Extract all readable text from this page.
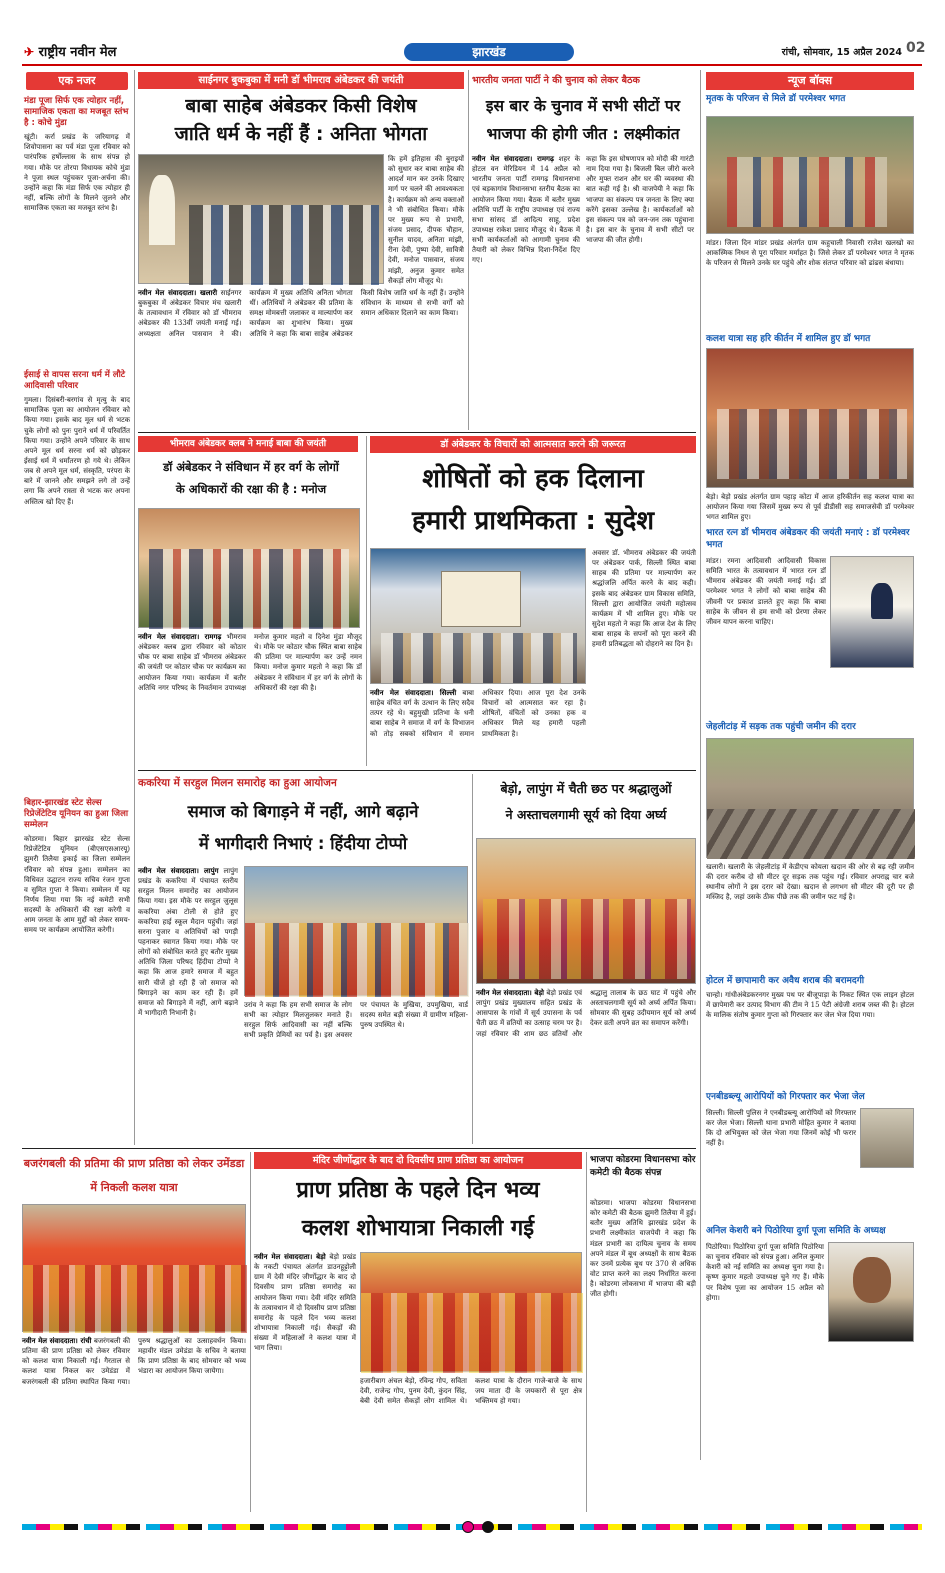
✈ राष्ट्रीय नवीन मेल	झारखंड	रांची, सोमवार, 15 अप्रैल 2024 02
एक नजर
मंडा पूजा सिर्फ एक त्योहार नहीं, सामाजिक एकता का मजबूत स्तंभ है : कोचे मुंडा
खूंटी। कर्रा प्रखंड के जरियागढ़ में शिवोपासना का पर्व मंडा पूजा रविवार को पारंपरिक हर्षोल्लास के साथ संपन्न हो गया। मौके पर तोरपा विधायक कोचे मुंडा ने पूजा स्थल पहुंचकर पूजा-अर्चना की। उन्होंने कहा कि मंडा सिर्फ एक त्योहार ही नहीं, बल्कि लोगों के मिलने जुलने और सामाजिक एकता का मजबूत स्तंभ है।
ईसाई से वापस सरना धर्म में लौटे आदिवासी परिवार
गुमला। दिसंबरी-बरगांव से मृत्यु के बाद सामाजिक पूजा का आयोजन रविवार को किया गया। इसके बाद मूल धर्म से भटक चुके लोगों को पुनः पुराने धर्म में परिवर्तित किया गया। उन्होंने अपने परिवार के साथ अपने मूल धर्म सरना धर्म को छोड़कर ईसाई धर्म में धर्मांतरण हो गये थे। लेकिन जब से अपने मूल धर्म, संस्कृति, परंपरा के बारे में जानने और समझने लगे तो उन्हें लगा कि अपने रास्ता से भटक कर अपना अस्तित्व खो दिए हैं।
बिहार-झारखंड स्टेट सेल्स रिप्रेजेंटेटिव यूनियन का हुआ जिला सम्मेलन
कोडरमा। बिहार झारखंड स्टेट सेल्स रिप्रेजेंटेटिव यूनियन (बीएसएसआरयू) झुमरी तिलैया इकाई का जिला सम्मेलन रविवार को संपन्न हुआ। सम्मेलन का विधिवत उद्घाटन राज्य सचिव रंजन गुप्ता व सुमित गुप्ता ने किया। सम्मेलन में यह निर्णय लिया गया कि नई कमेटी सभी सदस्यों के अधिकारों की रक्षा करेगी व आम जनता के आम मुद्दों को लेकर समय-समय पर कार्यक्रम आयोजित करेगी।
साईनगर बुकबुका में मनी डॉ भीमराव अंबेडकर की जयंती
बाबा साहेब अंबेडकर किसी विशेष
जाति धर्म के नहीं हैं : अनिता भोगता
कि हमें इतिहास की बुराइयों को सुधार कर बाबा साहेब की आदर्श मान कर उनके दिखाए मार्ग पर चलने की आवश्यकता है। कार्यक्रम को अन्य वक्ताओं ने भी संबोधित किया। मौके पर मुख्य रूप से प्रभारी, संजय प्रसाद, दीपक चौहान, सुनील यादव, अनिता मांझी, रीना देवी, पुष्पा देवी, सावित्री देवी, मनोज पासवान, संजय मांझी, अनुज कुमार समेत सैकड़ों लोग मौजूद थे।
नवीन मेल संवाददाता। खलारी साईनगर बुकबुका में अंबेडकर विचार मंच खलारी के तत्वावधान में रविवार को डॉ भीमराव अंबेडकर की 133वीं जयंती मनाई गई। अध्यक्षता अनिल पासवान ने की। कार्यक्रम में मुख्य अतिथि अनिता भोगता थीं। अतिथियों ने अंबेडकर की प्रतिमा के समक्ष मोमबत्ती जलाकर व माल्यार्पण कर कार्यक्रम का शुभारंभ किया। मुख्य अतिथि ने कहा कि बाबा साहेब अंबेडकर किसी विशेष जाति धर्म के नहीं हैं। उन्होंने संविधान के माध्यम से सभी वर्गों को समान अधिकार दिलाने का काम किया।
भारतीय जनता पार्टी ने की चुनाव को लेकर बैठक
इस बार के चुनाव में सभी सीटों पर
भाजपा की होगी जीत : लक्ष्मीकांत
नवीन मेल संवाददाता। रामगढ़ शहर के होटल वन मेरिडियन में 14 अप्रैल को भारतीय जनता पार्टी रामगढ़ विधानसभा एवं बड़कागांव विधानसभा स्तरीय बैठक का आयोजन किया गया। बैठक में बतौर मुख्य अतिथि पार्टी के राष्ट्रीय उपाध्यक्ष एवं राज्य सभा सांसद डॉ आदित्य साहू, प्रदेश उपाध्यक्ष राकेश प्रसाद मौजूद थे। बैठक में सभी कार्यकर्ताओं को आगामी चुनाव की तैयारी को लेकर विभिन्न दिशा-निर्देश दिए गए।
कहा कि इस घोषणापत्र को मोदी की गारंटी नाम दिया गया है। बिजली बिल जीरो करने और मुफ्त राशन और घर की व्यवस्था की बात कही गई है। श्री वाजपेयी ने कहा कि भाजपा का संकल्प पत्र जनता के लिए क्या करेंगे इसका उल्लेख है। कार्यकर्ताओं को इस संकल्प पत्र को जन-जन तक पहुंचाना है। इस बार के चुनाव में सभी सीटों पर भाजपा की जीत होगी।
न्यूज बॉक्स
मृतक के परिजन से मिले डॉ परमेश्वर भगत
मांडर। जिला दिन मांडर प्रखंड अंतर्गत ग्राम कहुचाली निवासी राजेश खलखो का आकस्मिक निधन से पूरा परिवार मर्माहत है। जिसे लेकर डॉ परमेश्वर भगत ने मृतक के परिजन से मिलने उनके घर पहुंचे और शोक संतप्त परिवार को ढांढस बंधाया।
कलश यात्रा सह हरि कीर्तन में शामिल हुए डॉ भगत
बेड़ो। बेड़ो प्रखंड अंतर्गत ग्राम पहाड़ कोटा में आज हरिकीर्तन सह कलश यात्रा का आयोजन किया गया जिसमें मुख्य रूप से पूर्व डीडीसी सह समाजसेवी डॉ परमेश्वर भगत शामिल हुए।
भारत रत्न डॉ भीमराव अंबेडकर की जयंती मनाएं : डॉ परमेश्वर भगत
मांडर। रमना आदिवासी आदिवासी विकास समिति भारत के तत्वावधान में भारत रत्न डॉ भीमराव अंबेडकर की जयंती मनाई गई। डॉ परमेश्वर भगत ने लोगों को बाबा साहेब की जीवनी पर प्रकाश डालते हुए कहा कि बाबा साहेब के जीवन से हम सभी को प्रेरणा लेकर जीवन यापन करना चाहिए।
जेहलीटांड़ में सड़क तक पहुंची जमीन की दरार
खलारी। खलारी के जेहलीटांड़ में केडीएच कोयला खदान की ओर से बढ़ रही जमीन की दरार करीब दो सौ मीटर दूर सड़क तक पहुंच गई। रविवार अपराह्न चार बजे स्थानीय लोगों ने इस दरार को देखा। खदान से लगभग सौ मीटर की दूरी पर ही मस्जिद है, जहां उसके ठीक पीछे तक की जमीन फट गई है।
होटल में छापामारी कर अवैध शराब की बरामदगी
चान्हो। गांधीअंबेडकरनगर मुख्य पथ पर बीजूपाड़ा के निकट स्थित एक लाइन होटल में छापेमारी कर उत्पाद विभाग की टीम ने 15 पेटी अंग्रेजी शराब जब्त की है। होटल के मालिक संतोष कुमार गुप्ता को गिरफ्तार कर जेल भेज दिया गया।
एनबीडब्ल्यू आरोपियों को गिरफ्तार कर भेजा जेल
सिल्ली। सिल्ली पुलिस ने एनबीडब्ल्यू आरोपियों को गिरफ्तार कर जेल भेजा। सिल्ली थाना प्रभारी मोहित कुमार ने बताया कि दो अभियुक्त को जेल भेजा गया जिनमें कोई भी फरार नहीं है।
अनिल केशरी बने पिठोरिया दुर्गा पूजा समिति के अध्यक्ष
पिठोरिया। पिठोरिया दुर्गा पूजा समिति पिठोरिया का चुनाव रविवार को संपन्न हुआ। अनिल कुमार केशरी को नई समिति का अध्यक्ष चुना गया है। कृष्ण कुमार महतो उपाध्यक्ष चुने गए हैं। मौके पर विशेष पूजा का आयोजन 15 अप्रैल को होगा।
भीमराव अंबेडकर क्लब ने मनाई बाबा की जयंती
डॉ अंबेडकर ने संविधान में हर वर्ग के लोगों
के अधिकारों की रक्षा की है : मनोज
नवीन मेल संवाददाता। रामगढ़ भीमराव अंबेडकर क्लब द्वारा रविवार को कोठार चौक पर बाबा साहेब डॉ भीमराव अंबेडकर की जयंती पर कोठार चौक पर कार्यक्रम का आयोजन किया गया। कार्यक्रम में बतौर अतिथि नगर परिषद के निवर्तमान उपाध्यक्ष मनोज कुमार महतो व दिनेश मुंडा मौजूद थे। मौके पर कोठार चौक स्थित बाबा साहेब की प्रतिमा पर माल्यार्पण कर उन्हें नमन किया। मनोज कुमार महतो ने कहा कि डॉ अंबेडकर ने संविधान में हर वर्ग के लोगों के अधिकारों की रक्षा की है।
डॉ अंबेडकर के विचारों को आत्मसात करने की जरूरत
शोषितों को हक दिलाना
हमारी प्राथमिकता : सुदेश
अवसर डॉ. भीमराव अंबेडकर की जयंती पर अंबेडकर पार्क, सिल्ली स्थित बाबा साहब की प्रतिमा पर माल्यार्पण कर श्रद्धांजलि अर्पित करने के बाद कही। इसके बाद अंबेडकर ग्राम विकास समिति, सिल्ली द्वारा आयोजित जयंती महोत्सव कार्यक्रम में भी शामिल हुए। मौके पर सुदेश महतो ने कहा कि आज देश के लिए बाबा साहब के सपनों को पूरा करने की हमारी प्रतिबद्धता को दोहराने का दिन है।
नवीन मेल संवाददाता। सिल्ली बाबा साहेब वंचित वर्ग के उत्थान के लिए सदैव तत्पर रहे थे। बहुमुखी प्रतिभा के धनी बाबा साहेब ने समाज में वर्ग के विभाजन को तोड़ सबको संविधान में समान अधिकार दिया। आज पूरा देश उनके विचारों को आत्मसात कर रहा है। शोषितों, वंचितों को उनका हक व अधिकार मिले यह हमारी पहली प्राथमिकता है।
ककरिया में सरहुल मिलन समारोह का हुआ आयोजन
समाज को बिगाड़ने में नहीं, आगे बढ़ाने
में भागीदारी निभाएं : हिंदीया टोप्पो
नवीन मेल संवाददाता। लापुंग लापुंग प्रखंड के ककरिया में पंचायत स्तरीय सरहुल मिलन समारोह का आयोजन किया गया। इस मौके पर सरहुल जुलूस ककरिया अंबा टोली से होते हुए ककरिया हाई स्कूल मैदान पहुंची। जहां सरना पुजार व अतिथियों को पगड़ी पहनाकर स्वागत किया गया। मौके पर लोगों को संबोधित करते हुए बतौर मुख्य अतिथि जिला परिषद हिंदीया टोप्पो ने कहा कि आज हमारे समाज में बहुत सारी चीजें हो रही हैं जो समाज को बिगाड़ने का काम कर रही हैं। हमें समाज को बिगाड़ने में नहीं, आगे बढ़ाने में भागीदारी निभानी है।
उरांव ने कहा कि हम सभी समाज के लोग सभी का त्योहार मिलजुलकर मनाते हैं। सरहुल सिर्फ आदिवासी का नहीं बल्कि सभी प्रकृति प्रेमियों का पर्व है। इस अवसर पर पंचायत के मुखिया, उपमुखिया, वार्ड सदस्य समेत बड़ी संख्या में ग्रामीण महिला-पुरुष उपस्थित थे।
बेड़ो, लापुंग में चैती छठ पर श्रद्धालुओं
ने अस्ताचलगामी सूर्य को दिया अर्घ्य
नवीन मेल संवाददाता। बेड़ो बेड़ो प्रखंड एवं लापुंग प्रखंड मुख्यालय सहित प्रखंड के आसपास के गांवों में सूर्य उपासना के पर्व चैती छठ में व्रतियों का उत्साह चरम पर है। जहां रविवार की शाम छठ व्रतियों और श्रद्धालु तालाब के छठ घाट में पहुंचे और अस्ताचलगामी सूर्य को अर्घ्य अर्पित किया। सोमवार की सुबह उदीयमान सूर्य को अर्घ्य देकर व्रती अपने व्रत का समापन करेंगी।
बजरंगबली की प्रतिमा की प्राण प्रतिष्ठा को लेकर उमेंडडा में निकली कलश यात्रा
नवीन मेल संवाददाता। रांची बजरंगबली की प्रतिमा की प्राण प्रतिष्ठा को लेकर रविवार को कलश यात्रा निकाली गई। गैरताल से कलश यात्रा निकल कर उमेडंडा में बजरंगबली की प्रतिमा स्थापित किया गया। पुरुष श्रद्धालुओं का उत्साहवर्धन किया। महावीर मंडल उमेडंडा के सचिव ने बताया कि प्राण प्रतिष्ठा के बाद सोमवार को भव्य भंडारा का आयोजन किया जायेगा।
मंदिर जीर्णोद्धार के बाद दो दिवसीय प्राण प्रतिष्ठा का आयोजन
प्राण प्रतिष्ठा के पहले दिन भव्य
कलश शोभायात्रा निकाली गई
नवीन मेल संवाददाता। बेड़ो बेड़ो प्रखंड के नकटी पंचायत अंतर्गत डाउनहूट्टोली ग्राम में देवी मंदिर जीर्णोद्धार के बाद दो दिवसीय प्राण प्रतिष्ठा समारोह का आयोजन किया गया। देवी मंदिर समिति के तत्वावधान में दो दिवसीय प्राण प्रतिष्ठा समारोह के पहले दिन भव्य कलश शोभायात्रा निकाली गई। सैकड़ों की संख्या में महिलाओं ने कलश यात्रा में भाग लिया।
हजारीबाग अंचल बेड़ो, रविन्द्र गोप, सविता देवी, राजेन्द्र गोप, पुनम देवी, कुंदन सिंह, बेबी देवी समेत सैकड़ों लोग शामिल थे। कलश यात्रा के दौरान गाजे-बाजे के साथ जय माता दी के जयकारों से पूरा क्षेत्र भक्तिमय हो गया।
भाजपा कोडरमा विधानसभा कोर कमेटी की बैठक संपन्न
कोडरमा। भाजपा कोडरमा विधानसभा कोर कमेटी की बैठक झुमरी तिलैया में हुई। बतौर मुख्य अतिथि झारखंड प्रदेश के प्रभारी लक्ष्मीकांत वाजपेयी ने कहा कि मंडल प्रभारी का दायित्व चुनाव के समय अपने मंडल में बूथ अध्यक्षों के साथ बैठक कर उनमें प्रत्येक बूथ पर 370 से अधिक वोट प्राप्त करने का लक्ष्य निर्धारित करना है। कोडरमा लोकसभा में भाजपा की बड़ी जीत होगी।
